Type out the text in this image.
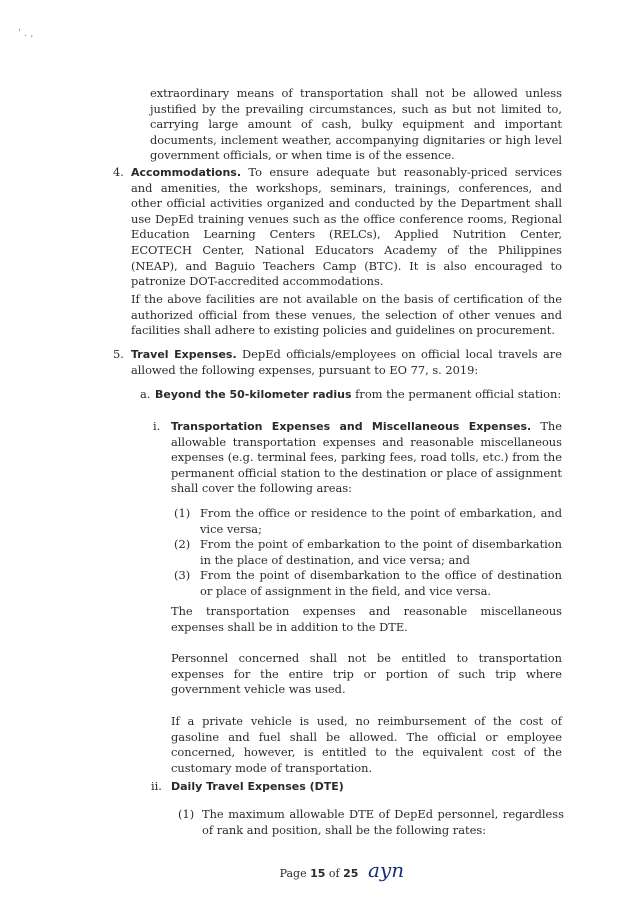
' . ,

extraordinary means of transportation shall not be allowed unless justified by the prevailing circumstances, such as but not limited to, carrying large amount of cash, bulky equipment and important documents, inclement weather, accompanying dignitaries or high level government officials, or when time is of the essence.

4. Accommodations. To ensure adequate but reasonably-priced services and amenities, the workshops, seminars, trainings, conferences, and other official activities organized and conducted by the Department shall use DepEd training venues such as the office conference rooms, Regional Education Learning Centers (RELCs), Applied Nutrition Center, ECOTECH Center, National Educators Academy of the Philippines (NEAP), and Baguio Teachers Camp (BTC). It is also encouraged to patronize DOT-accredited accommodations.

If the above facilities are not available on the basis of certification of the authorized official from these venues, the selection of other venues and facilities shall adhere to existing policies and guidelines on procurement.

5. Travel Expenses. DepEd officials/employees on official local travels are allowed the following expenses, pursuant to EO 77, s. 2019:

a. Beyond the 50-kilometer radius from the permanent official station:

i. Transportation Expenses and Miscellaneous Expenses. The allowable transportation expenses and reasonable miscellaneous expenses (e.g. terminal fees, parking fees, road tolls, etc.) from the permanent official station to the destination or place of assignment shall cover the following areas:

(1) From the office or residence to the point of embarkation, and vice versa;

(2) From the point of embarkation to the point of disembarkation in the place of destination, and vice versa; and

(3) From the point of disembarkation to the office of destination or place of assignment in the field, and vice versa.

The transportation expenses and reasonable miscellaneous expenses shall be in addition to the DTE.

Personnel concerned shall not be entitled to transportation expenses for the entire trip or portion of such trip where government vehicle was used.

If a private vehicle is used, no reimbursement of the cost of gasoline and fuel shall be allowed. The official or employee concerned, however, is entitled to the equivalent cost of the customary mode of transportation.

ii. Daily Travel Expenses (DTE)

(1) The maximum allowable DTE of DepEd personnel, regardless of rank and position, shall be the following rates:

Page 15 of 25 ayn
